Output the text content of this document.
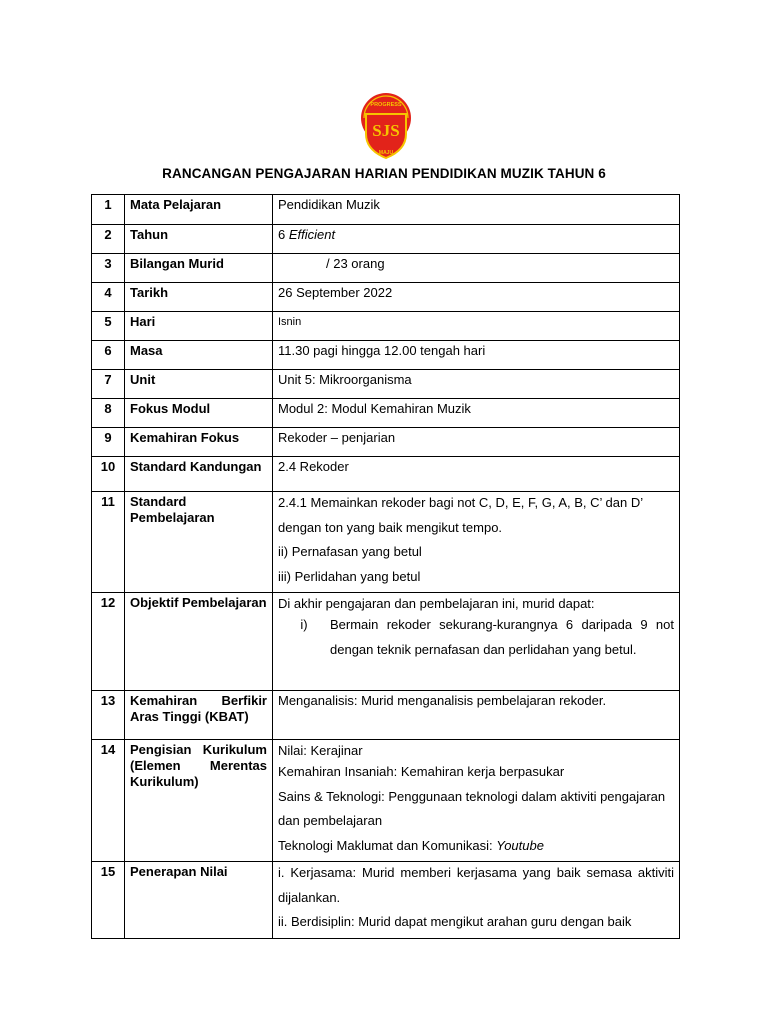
PROGRESS
SJS
MAJU
RANCANGAN PENGAJARAN HARIAN PENDIDIKAN MUZIK TAHUN 6
1	Mata Pelajaran	Pendidikan Muzik
2	Tahun	6 Efficient
3	Bilangan Murid	/ 23 orang
4	Tarikh	26 September 2022
5	Hari	Isnin
6	Masa	11.30 pagi hingga 12.00 tengah hari
7	Unit	Unit 5: Mikroorganisma
8	Fokus Modul	Modul 2: Modul Kemahiran Muzik
9	Kemahiran Fokus	Rekoder – penjarian
10	Standard Kandungan	2.4 Rekoder
11	Standard Pembelajaran	2.4.1 Memainkan rekoder bagi not C, D, E, F, G, A, B, C’ dan D’ dengan ton yang baik mengikut tempo.
ii) Pernafasan yang betul
iii) Perlidahan yang betul

12	Objektif Pembelajaran	Di akhir pengajaran dan pembelajaran ini, murid dapat:
i) Bermain rekoder sekurang-kurangnya 6 daripada 9 not dengan teknik pernafasan dan perlidahan yang betul.

13	Kemahiran Berfikir Aras Tinggi (KBAT)	Menganalisis: Murid menganalisis pembelajaran rekoder.
14	Pengisian Kurikulum (Elemen Merentas Kurikulum)	Nilai: Kerajinar
Kemahiran Insaniah: Kemahiran kerja berpasukar
Sains & Teknologi: Penggunaan teknologi dalam aktiviti pengajaran dan pembelajaran
Teknologi Maklumat dan Komunikasi: Youtube

15	Penerapan Nilai	i. Kerjasama: Murid memberi kerjasama yang baik semasa aktiviti dijalankan.
ii. Berdisiplin: Murid dapat mengikut arahan guru dengan baik
